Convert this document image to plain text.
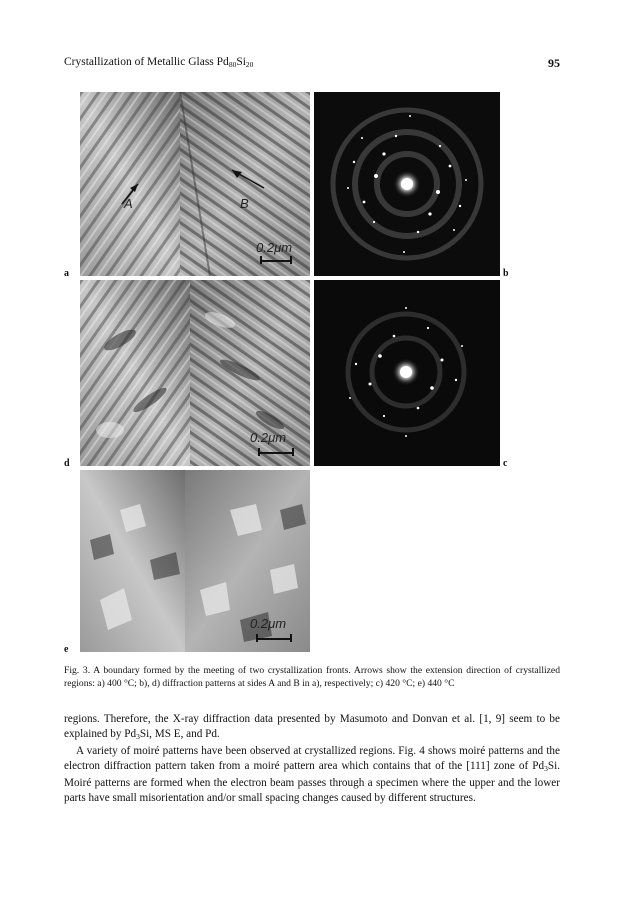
Crystallization of Metallic Glass $Pd_{80}Si_{20}$	95
A	B
0.2μm
a	b
0.2μm
d	c
0.2μm
e
Fig. 3. A boundary formed by the meeting of two crystallization fronts. Arrows show the extension direction of crystallized regions: a) 400 °C; b), d) diffraction patterns at sides A and B in a), respectively; c) 420 °C; e) 440 °C

regions. Therefore, the X-ray diffraction data presented by Masumoto and Donvan et al. [1, 9] seem to be explained by $Pd_3Si$, MS E, and Pd.

A variety of moiré patterns have been observed at crystallized regions. Fig. 4 shows moiré patterns and the electron diffraction pattern taken from a moiré pattern area which contains that of the [111] zone of $Pd_3Si$. Moiré patterns are formed when the electron beam passes through a specimen where the upper and the lower parts have small misorientation and/or small spacing changes caused by different structures.
